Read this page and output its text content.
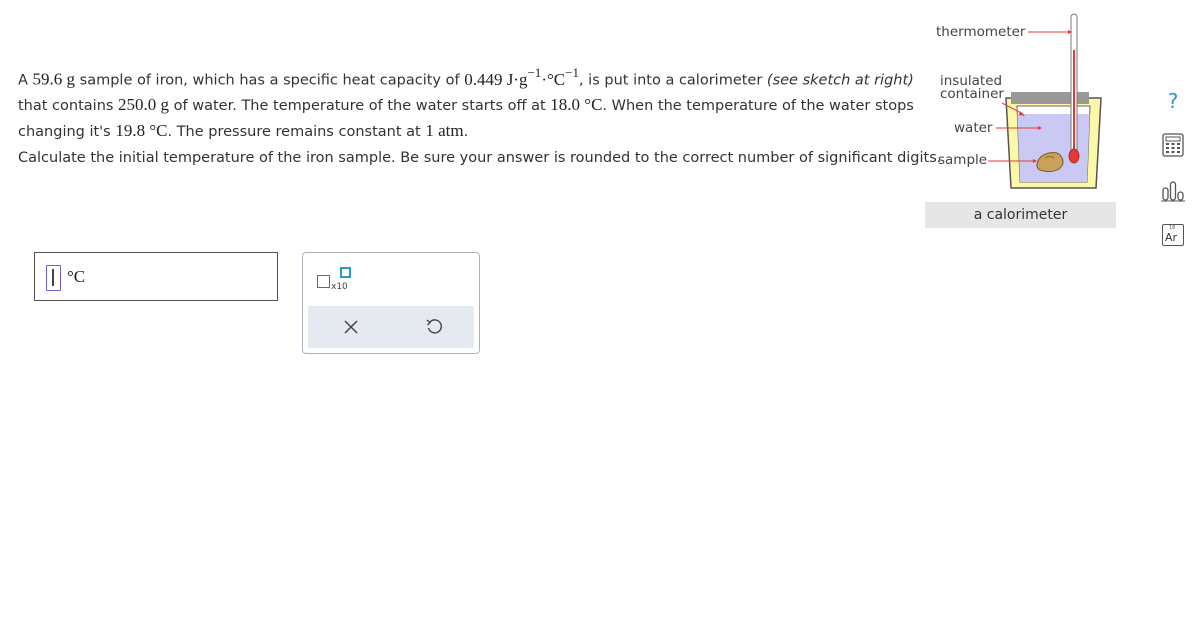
A 59.6 g sample of iron, which has a specific heat capacity of 0.449 $J\cdot g^{-1}\cdot^\circ C^{-1}$, is put into a calorimeter (see sketch at right) that contains 250.0 g of water. The temperature of the water starts off at 18.0 °C. When the temperature of the water stops changing it's 19.8 °C. The pressure remains constant at 1 atm.
Calculate the initial temperature of the iron sample. Be sure your answer is rounded to the correct number of significant digits.
thermometer
insulated
container
water
sample
a calorimeter
°C
x10
?
18
Ar
